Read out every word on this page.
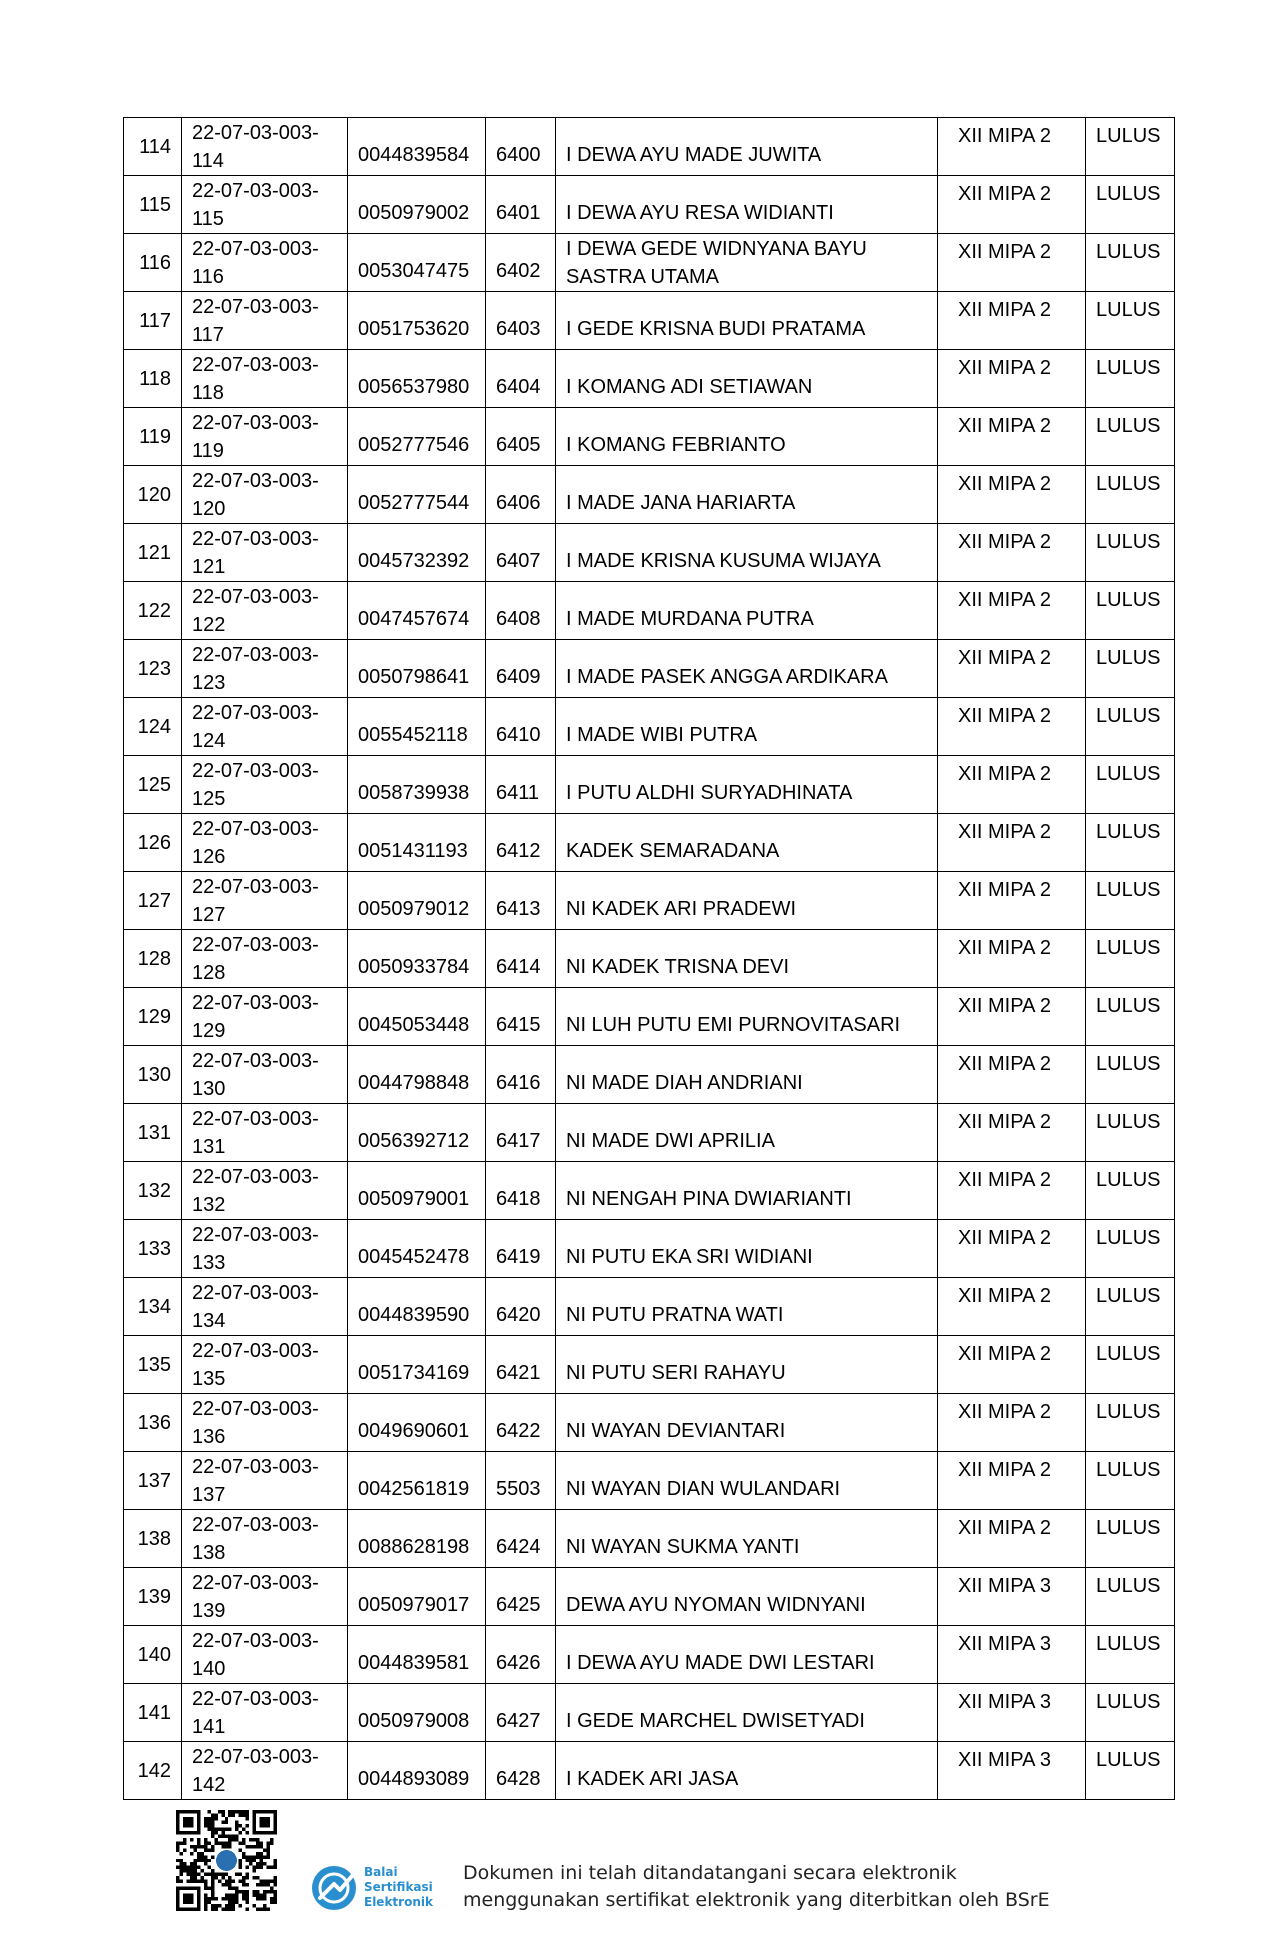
114	22-07-03-003-114	0044839584	6400	I DEWA AYU MADE JUWITA	XII MIPA 2	LULUS
115	22-07-03-003-115	0050979002	6401	I DEWA AYU RESA WIDIANTI	XII MIPA 2	LULUS
116	22-07-03-003-116	0053047475	6402	I DEWA GEDE WIDNYANA BAYU SASTRA UTAMA	XII MIPA 2	LULUS
117	22-07-03-003-117	0051753620	6403	I GEDE KRISNA BUDI PRATAMA	XII MIPA 2	LULUS
118	22-07-03-003-118	0056537980	6404	I KOMANG ADI SETIAWAN	XII MIPA 2	LULUS
119	22-07-03-003-119	0052777546	6405	I KOMANG FEBRIANTO	XII MIPA 2	LULUS
120	22-07-03-003-120	0052777544	6406	I MADE JANA HARIARTA	XII MIPA 2	LULUS
121	22-07-03-003-121	0045732392	6407	I MADE KRISNA KUSUMA WIJAYA	XII MIPA 2	LULUS
122	22-07-03-003-122	0047457674	6408	I MADE MURDANA PUTRA	XII MIPA 2	LULUS
123	22-07-03-003-123	0050798641	6409	I MADE PASEK ANGGA ARDIKARA	XII MIPA 2	LULUS
124	22-07-03-003-124	0055452118	6410	I MADE WIBI PUTRA	XII MIPA 2	LULUS
125	22-07-03-003-125	0058739938	6411	I PUTU ALDHI SURYADHINATA	XII MIPA 2	LULUS
126	22-07-03-003-126	0051431193	6412	KADEK SEMARADANA	XII MIPA 2	LULUS
127	22-07-03-003-127	0050979012	6413	NI KADEK ARI PRADEWI	XII MIPA 2	LULUS
128	22-07-03-003-128	0050933784	6414	NI KADEK TRISNA DEVI	XII MIPA 2	LULUS
129	22-07-03-003-129	0045053448	6415	NI LUH PUTU EMI PURNOVITASARI	XII MIPA 2	LULUS
130	22-07-03-003-130	0044798848	6416	NI MADE DIAH ANDRIANI	XII MIPA 2	LULUS
131	22-07-03-003-131	0056392712	6417	NI MADE DWI APRILIA	XII MIPA 2	LULUS
132	22-07-03-003-132	0050979001	6418	NI NENGAH PINA DWIARIANTI	XII MIPA 2	LULUS
133	22-07-03-003-133	0045452478	6419	NI PUTU EKA SRI WIDIANI	XII MIPA 2	LULUS
134	22-07-03-003-134	0044839590	6420	NI PUTU PRATNA WATI	XII MIPA 2	LULUS
135	22-07-03-003-135	0051734169	6421	NI PUTU SERI RAHAYU	XII MIPA 2	LULUS
136	22-07-03-003-136	0049690601	6422	NI WAYAN DEVIANTARI	XII MIPA 2	LULUS
137	22-07-03-003-137	0042561819	5503	NI WAYAN DIAN WULANDARI	XII MIPA 2	LULUS
138	22-07-03-003-138	0088628198	6424	NI WAYAN SUKMA YANTI	XII MIPA 2	LULUS
139	22-07-03-003-139	0050979017	6425	DEWA AYU NYOMAN WIDNYANI	XII MIPA 3	LULUS
140	22-07-03-003-140	0044839581	6426	I DEWA AYU MADE DWI LESTARI	XII MIPA 3	LULUS
141	22-07-03-003-141	0050979008	6427	I GEDE MARCHEL DWISETYADI	XII MIPA 3	LULUS
142	22-07-03-003-142	0044893089	6428	I KADEK ARI JASA	XII MIPA 3	LULUS
Balai
Sertifikasi
Elektronik
Dokumen ini telah ditandatangani secara elektronik
menggunakan sertifikat elektronik yang diterbitkan oleh BSrE
